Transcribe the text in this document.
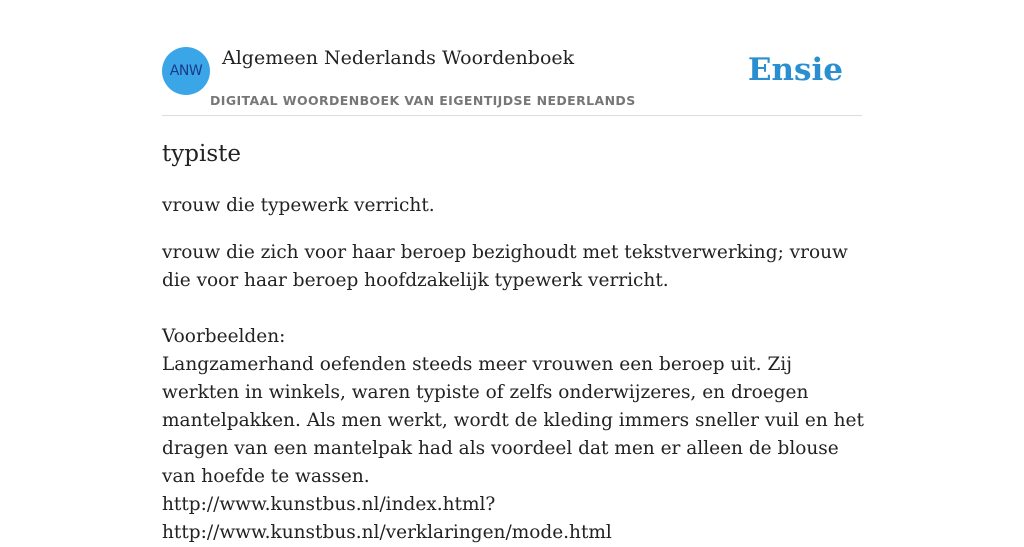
ANW
Algemeen Nederlands Woordenboek
DIGITAAL WOORDENBOEK VAN EIGENTIJDSE NEDERLANDS
Ensie
typiste
vrouw die typewerk verricht.

vrouw die zich voor haar beroep bezighoudt met tekstverwerking; vrouw die voor haar beroep hoofdzakelijk typewerk verricht.

Voorbeelden:

Langzamerhand oefenden steeds meer vrouwen een beroep uit. Zij werkten in winkels, waren typiste of zelfs onderwijzeres, en droegen mantelpakken. Als men werkt, wordt de kleding immers sneller vuil en het dragen van een mantelpak had als voordeel dat men er alleen de blouse van hoefde te wassen.

http://www.kunstbus.nl/index.html?

http://www.kunstbus.nl/verklaringen/mode.html
